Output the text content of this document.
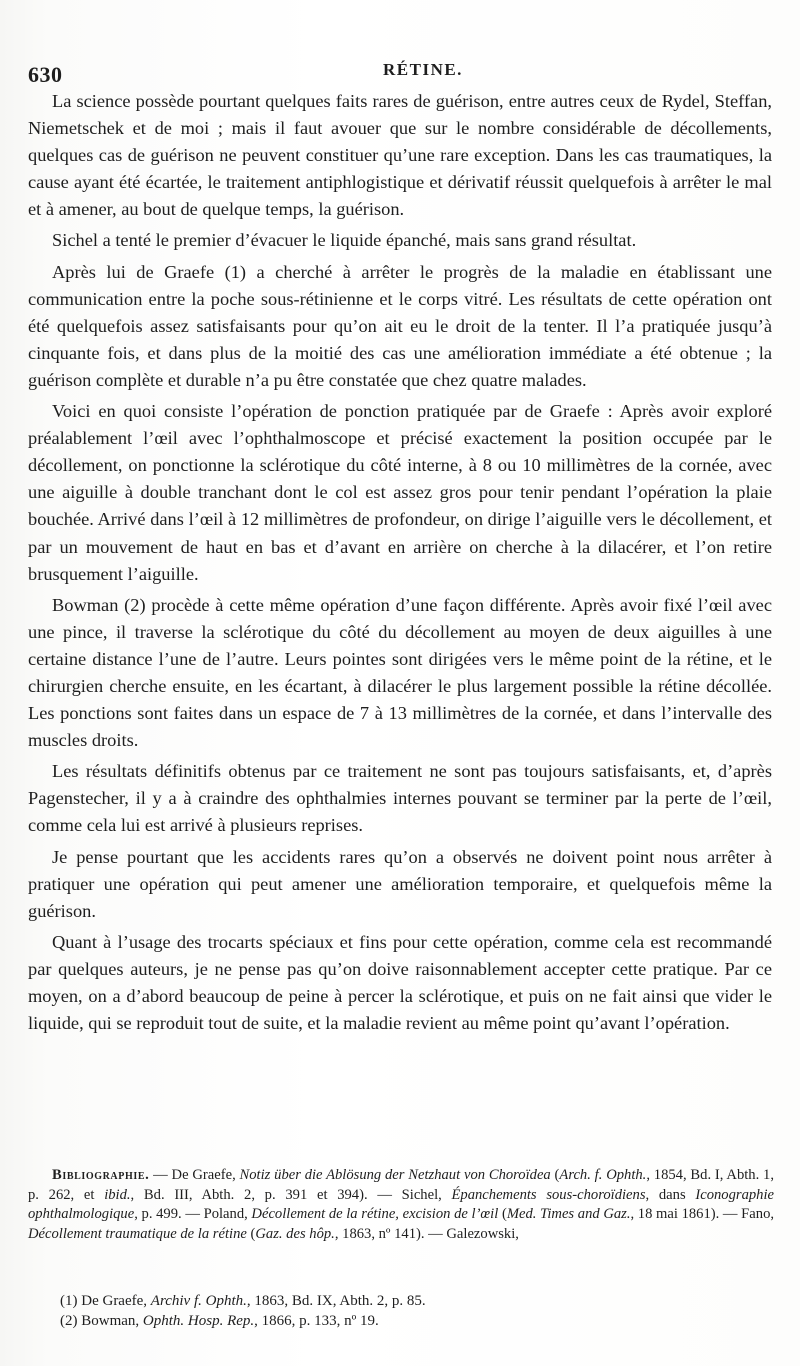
630	RÉTINE.

La science possède pourtant quelques faits rares de guérison, entre autres ceux de Rydel, Steffan, Niemetschek et de moi ; mais il faut avouer que sur le nombre considérable de décollements, quelques cas de guérison ne peuvent constituer qu’une rare exception. Dans les cas traumatiques, la cause ayant été écartée, le traitement antiphlogistique et dérivatif réussit quelquefois à arrêter le mal et à amener, au bout de quelque temps, la guérison.

Sichel a tenté le premier d’évacuer le liquide épanché, mais sans grand résultat.

Après lui de Graefe (1) a cherché à arrêter le progrès de la maladie en établissant une communication entre la poche sous-rétinienne et le corps vitré. Les résultats de cette opération ont été quelquefois assez satisfaisants pour qu’on ait eu le droit de la tenter. Il l’a pratiquée jusqu’à cinquante fois, et dans plus de la moitié des cas une amélioration immédiate a été obtenue ; la guérison complète et durable n’a pu être constatée que chez quatre malades.

Voici en quoi consiste l’opération de ponction pratiquée par de Graefe : Après avoir exploré préalablement l’œil avec l’ophthalmoscope et précisé exactement la position occupée par le décollement, on ponctionne la sclérotique du côté interne, à 8 ou 10 millimètres de la cornée, avec une aiguille à double tranchant dont le col est assez gros pour tenir pendant l’opération la plaie bouchée. Arrivé dans l’œil à 12 millimètres de profondeur, on dirige l’aiguille vers le décollement, et par un mouvement de haut en bas et d’avant en arrière on cherche à la dilacérer, et l’on retire brusquement l’aiguille.

Bowman (2) procède à cette même opération d’une façon différente. Après avoir fixé l’œil avec une pince, il traverse la sclérotique du côté du décollement au moyen de deux aiguilles à une certaine distance l’une de l’autre. Leurs pointes sont dirigées vers le même point de la rétine, et le chirurgien cherche ensuite, en les écartant, à dilacérer le plus largement possible la rétine décollée. Les ponctions sont faites dans un espace de 7 à 13 millimètres de la cornée, et dans l’intervalle des muscles droits.

Les résultats définitifs obtenus par ce traitement ne sont pas toujours satisfaisants, et, d’après Pagenstecher, il y a à craindre des ophthalmies internes pouvant se terminer par la perte de l’œil, comme cela lui est arrivé à plusieurs reprises.

Je pense pourtant que les accidents rares qu’on a observés ne doivent point nous arrêter à pratiquer une opération qui peut amener une amélioration temporaire, et quelquefois même la guérison.

Quant à l’usage des trocarts spéciaux et fins pour cette opération, comme cela est recommandé par quelques auteurs, je ne pense pas qu’on doive raisonnablement accepter cette pratique. Par ce moyen, on a d’abord beaucoup de peine à percer la sclérotique, et puis on ne fait ainsi que vider le liquide, qui se reproduit tout de suite, et la maladie revient au même point qu’avant l’opération.

Bibliographie. — De Graefe, Notiz über die Ablösung der Netzhaut von Choroïdea (Arch. f. Ophth., 1854, Bd. I, Abth. 1, p. 262, et ibid., Bd. III, Abth. 2, p. 391 et 394). — Sichel, Épanchements sous-choroïdiens, dans Iconographie ophthalmologique, p. 499. — Poland, Décollement de la rétine, excision de l’œil (Med. Times and Gaz., 18 mai 1861). — Fano, Décollement traumatique de la rétine (Gaz. des hôp., 1863, nº 141). — Galezowski,

(1) De Graefe, Archiv f. Ophth., 1863, Bd. IX, Abth. 2, p. 85.
(2) Bowman, Ophth. Hosp. Rep., 1866, p. 133, nº 19.
